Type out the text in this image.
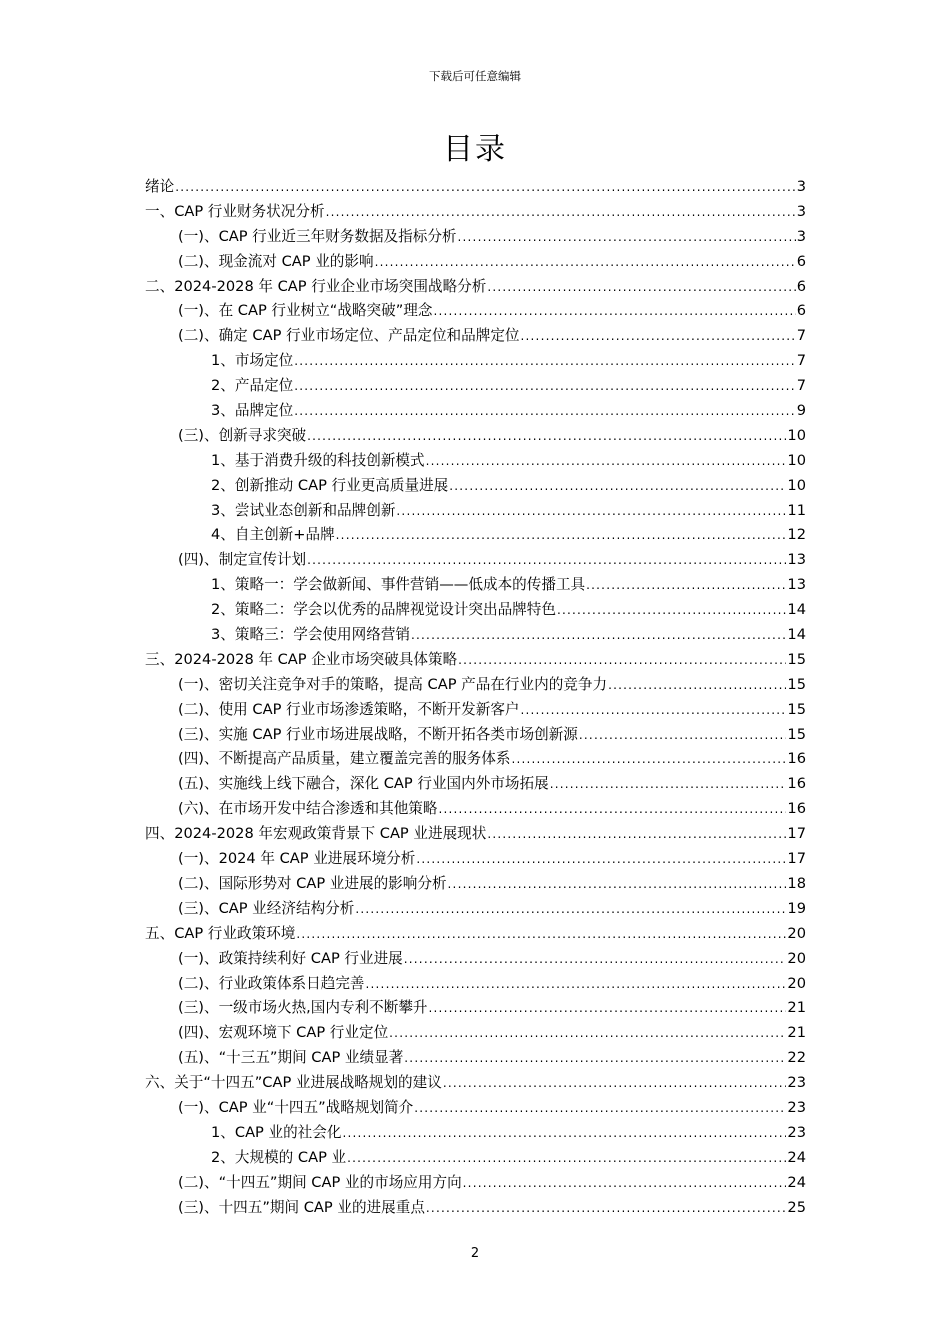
下载后可任意编辑
目录
绪论 .....	3
一、CAP 行业财务状况分析 .....	3
(一)、CAP 行业近三年财务数据及指标分析 .....	3
(二)、现金流对 CAP 业的影响 .....	6
二、2024-2028 年 CAP 行业企业市场突围战略分析 .....	6
(一)、在 CAP 行业树立“战略突破”理念 .....	6
(二)、确定 CAP 行业市场定位、产品定位和品牌定位 .....	7
1、市场定位 .....	7
2、产品定位 .....	7
3、品牌定位 .....	9
(三)、创新寻求突破 .....	10
1、基于消费升级的科技创新模式 .....	10
2、创新推动 CAP 行业更高质量进展 .....	10
3、尝试业态创新和品牌创新 .....	11
4、自主创新+品牌 .....	12
(四)、制定宣传计划 .....	13
1、策略一：学会做新闻、事件营销——低成本的传播工具 .....	13
2、策略二：学会以优秀的品牌视觉设计突出品牌特色 .....	14
3、策略三：学会使用网络营销 .....	14
三、2024-2028 年 CAP 企业市场突破具体策略 .....	15
(一)、密切关注竞争对手的策略，提高 CAP 产品在行业内的竞争力 .....	15
(二)、使用 CAP 行业市场渗透策略，不断开发新客户 .....	15
(三)、实施 CAP 行业市场进展战略，不断开拓各类市场创新源 .....	15
(四)、不断提高产品质量，建立覆盖完善的服务体系 .....	16
(五)、实施线上线下融合，深化 CAP 行业国内外市场拓展 .....	16
(六)、在市场开发中结合渗透和其他策略 .....	16
四、2024-2028 年宏观政策背景下 CAP 业进展现状 .....	17
(一)、2024 年 CAP 业进展环境分析 .....	17
(二)、国际形势对 CAP 业进展的影响分析 .....	18
(三)、CAP 业经济结构分析 .....	19
五、CAP 行业政策环境 .....	20
(一)、政策持续利好 CAP 行业进展 .....	20
(二)、行业政策体系日趋完善 .....	20
(三)、一级市场火热,国内专利不断攀升 .....	21
(四)、宏观环境下 CAP 行业定位 .....	21
(五)、“十三五”期间 CAP 业绩显著 .....	22
六、关于“十四五”CAP 业进展战略规划的建议 .....	23
(一)、CAP 业“十四五”战略规划简介 .....	23
1、CAP 业的社会化 .....	23
2、大规模的 CAP 业 .....	24
(二)、“十四五”期间 CAP 业的市场应用方向 .....	24
(三)、十四五”期间 CAP 业的进展重点 .....	25
2
